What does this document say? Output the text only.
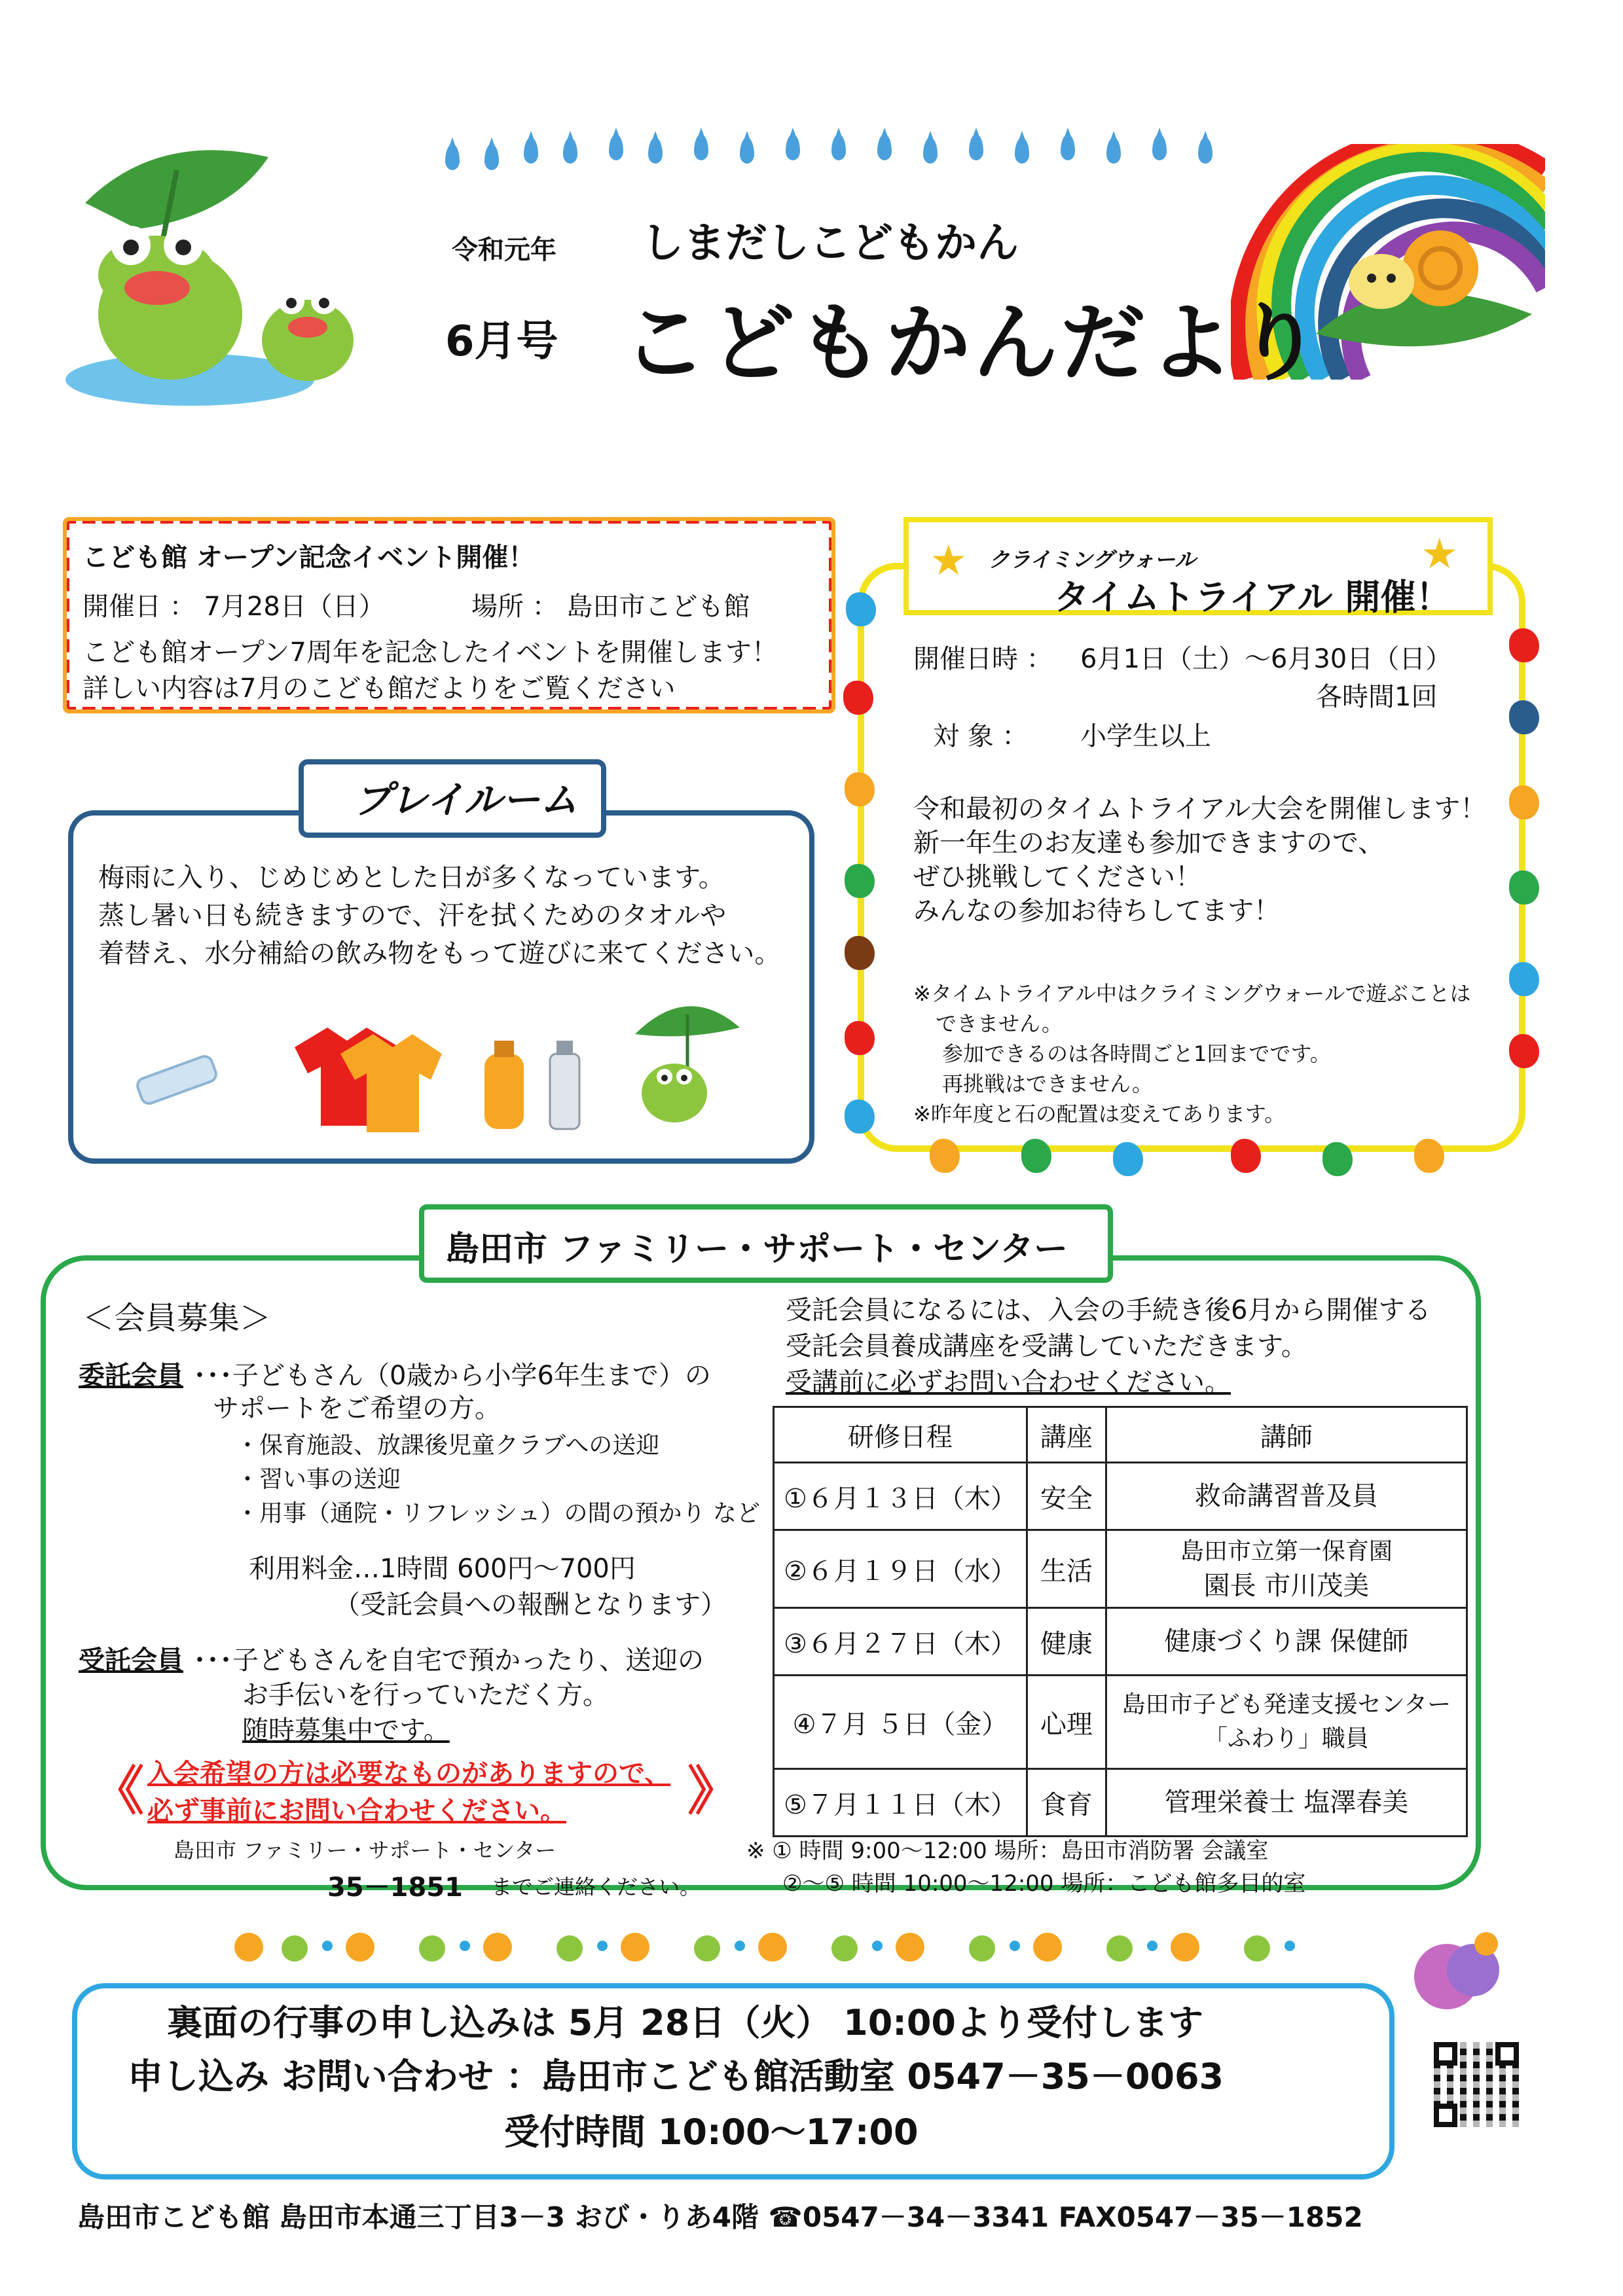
令和元年
6月号
しまだしこどもかん
こどもかんだより
こども館 オープン記念イベント開催！
開催日 ： 7月28日（日）	場所 ： 島田市こども館
こども館オープン7周年を記念したイベントを開催します！
詳しい内容は7月のこども館だよりをご覧ください
★	★
クライミングウォール
タイムトライアル 開催！
開催日時 ： 6月1日（土）～6月30日（日）
各時間1回
対 象 ： 小学生以上
令和最初のタイムトライアル大会を開催します！
新一年生のお友達も参加できますので、
ぜひ挑戦してください！
みんなの参加お待ちしてます！
※タイムトライアル中はクライミングウォールで遊ぶことは
できません。
参加できるのは各時間ごと1回までです。
再挑戦はできません。
※昨年度と石の配置は変えてあります。
プレイルーム
梅雨に入り、じめじめとした日が多くなっています。
蒸し暑い日も続きますので、汗を拭くためのタオルや
着替え、水分補給の飲み物をもって遊びに来てください。
島田市 ファミリー・サポート・センター
＜会員募集＞
委託会員 ･･･子どもさん（0歳から小学6年生まで）の
サポートをご希望の方。
・保育施設、放課後児童クラブへの送迎
・習い事の送迎
・用事（通院・リフレッシュ）の間の預かり など
利用料金…1時間 600円～700円
（受託会員への報酬となります）
受託会員 ･･･子どもさんを自宅で預かったり、送迎の
お手伝いを行っていただく方。
随時募集中です。
《	》
入会希望の方は必要なものがありますので、
必ず事前にお問い合わせください。
島田市 ファミリー・サポート・センター
35－1851 までご連絡ください。
受託会員になるには、入会の手続き後6月から開催する
受託会員養成講座を受講していただきます。
受講前に必ずお問い合わせください。
研修日程	講座	講師
①６月１３日（木）	安全	救命講習普及員

②６月１９日（水）	生活	島田市立第一保育園
園長 市川茂美

③６月２７日（木）	健康	健康づくり課 保健師

④７月 ５日（金）	心理	島田市子ども発達支援センター
「ふわり」職員

⑤７月１１日（木）	食育	管理栄養士 塩澤春美
※ ① 時間 9:00～12:00 場所：島田市消防署 会議室
②～⑤ 時間 10:00～12:00 場所：こども館多目的室
裏面の行事の申し込みは 5月 28日（火） 10:00より受付します
申し込み お問い合わせ ：島田市こども館活動室 0547－35－0063
受付時間 10:00～17:00
島田市こども館 島田市本通三丁目3－3 おび・りあ4階 ☎0547－34－3341 FAX0547－35－1852
